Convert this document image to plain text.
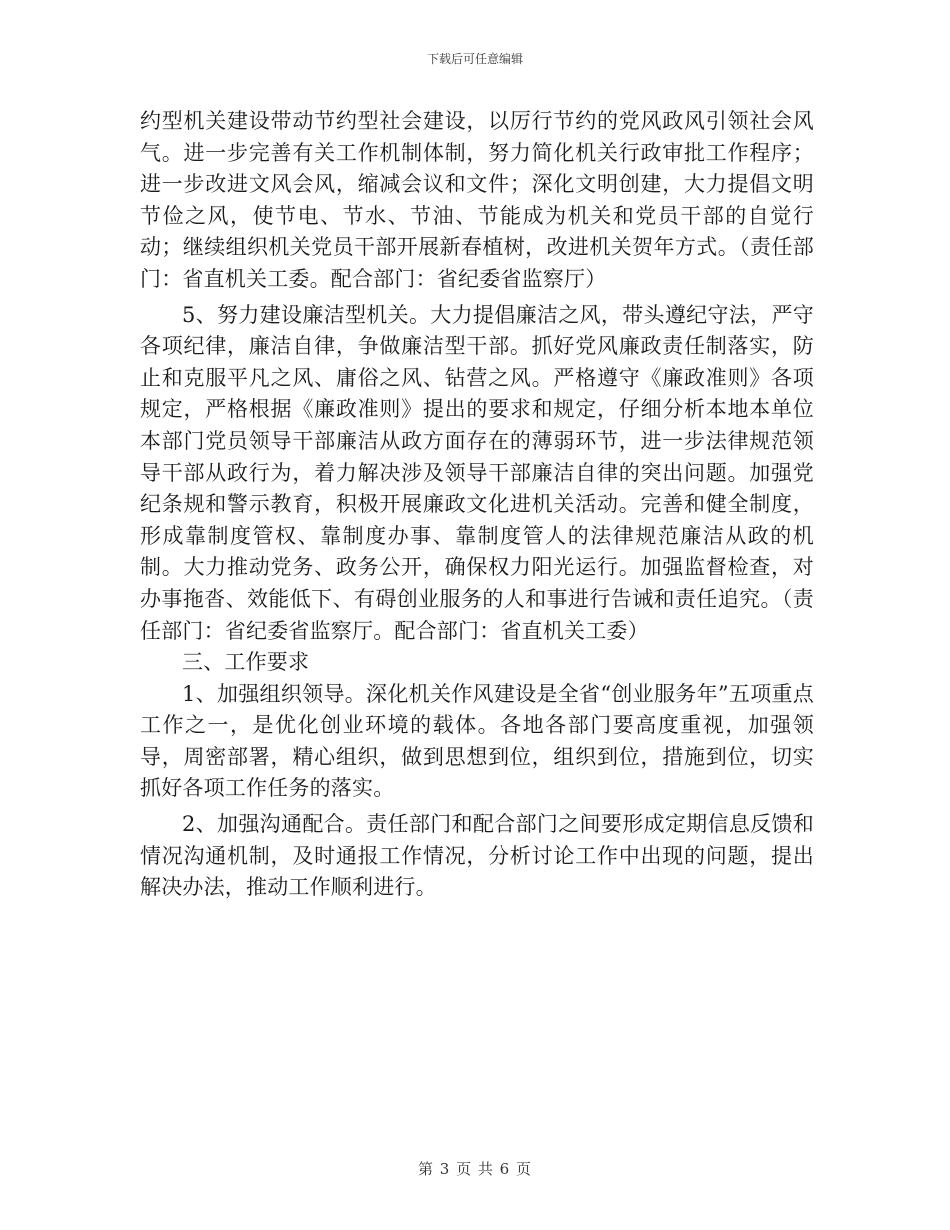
下载后可任意编辑

约型机关建设带动节约型社会建设，以厉行节约的党风政风引领社会风气。进一步完善有关工作机制体制，努力简化机关行政审批工作程序；进一步改进文风会风，缩减会议和文件；深化文明创建，大力提倡文明节俭之风，使节电、节水、节油、节能成为机关和党员干部的自觉行动；继续组织机关党员干部开展新春植树，改进机关贺年方式。（责任部门：省直机关工委。配合部门：省纪委省监察厅）

5、努力建设廉洁型机关。大力提倡廉洁之风，带头遵纪守法，严守各项纪律，廉洁自律，争做廉洁型干部。抓好党风廉政责任制落实，防止和克服平凡之风、庸俗之风、钻营之风。严格遵守《廉政准则》各项规定，严格根据《廉政准则》提出的要求和规定，仔细分析本地本单位本部门党员领导干部廉洁从政方面存在的薄弱环节，进一步法律规范领导干部从政行为，着力解决涉及领导干部廉洁自律的突出问题。加强党纪条规和警示教育，积极开展廉政文化进机关活动。完善和健全制度，形成靠制度管权、靠制度办事、靠制度管人的法律规范廉洁从政的机制。大力推动党务、政务公开，确保权力阳光运行。加强监督检查，对办事拖沓、效能低下、有碍创业服务的人和事进行告诫和责任追究。（责任部门：省纪委省监察厅。配合部门：省直机关工委）

三、工作要求

1、加强组织领导。深化机关作风建设是全省“创业服务年”五项重点工作之一，是优化创业环境的载体。各地各部门要高度重视，加强领导，周密部署，精心组织，做到思想到位，组织到位，措施到位，切实抓好各项工作任务的落实。

2、加强沟通配合。责任部门和配合部门之间要形成定期信息反馈和情况沟通机制，及时通报工作情况，分析讨论工作中出现的问题，提出解决办法，推动工作顺利进行。

第 3 页 共 6 页
